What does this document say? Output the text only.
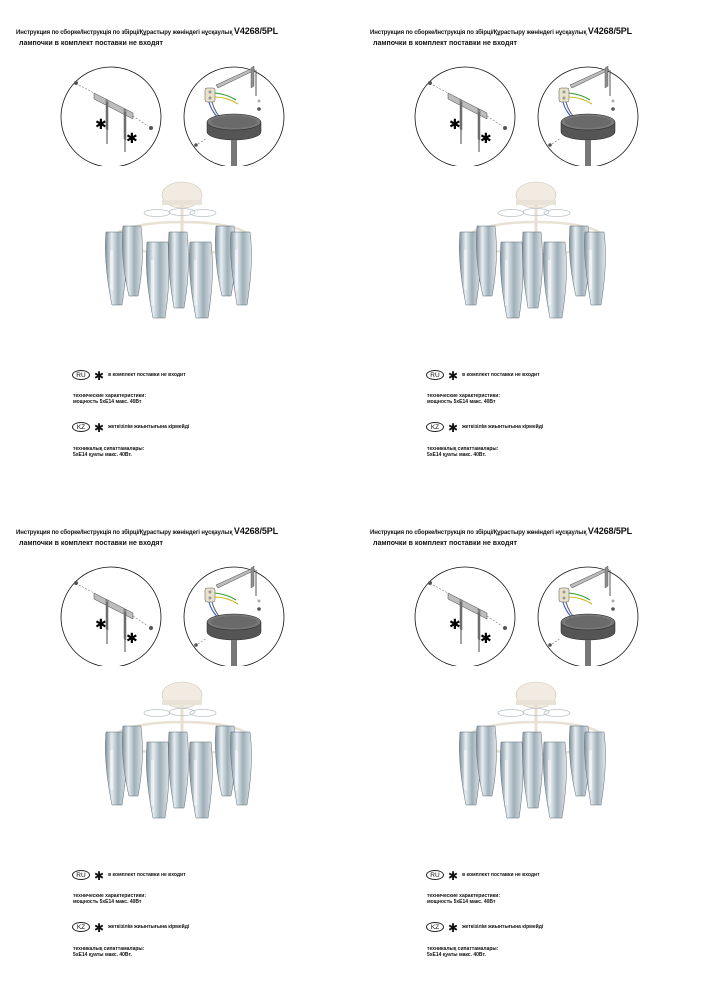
Инструкция по сборке/Інструкція по збірці/Құрастыру жөніндегі нұсқаулық V4268/5PL
лампочки в комплект поставки не входят
✱
✱
RU ✱ в комплект поставки не входит
технические характеристики:
мощность 5хЕ14 макс. 40Вт
KZ ✱ жеткізілім жиынтығына кірмейді
техникалық сипаттамалары:
5хЕ14 қуаты макс. 40Вт.
Инструкция по сборке/Інструкція по збірці/Құрастыру жөніндегі нұсқаулық V4268/5PL
лампочки в комплект поставки не входят
✱
✱
RU ✱ в комплект поставки не входит
технические характеристики:
мощность 5хЕ14 макс. 40Вт
KZ ✱ жеткізілім жиынтығына кірмейді
техникалық сипаттамалары:
5хЕ14 қуаты макс. 40Вт.
Инструкция по сборке/Інструкція по збірці/Құрастыру жөніндегі нұсқаулық V4268/5PL
лампочки в комплект поставки не входят
✱
✱
RU ✱ в комплект поставки не входит
технические характеристики:
мощность 5хЕ14 макс. 40Вт
KZ ✱ жеткізілім жиынтығына кірмейді
техникалық сипаттамалары:
5хЕ14 қуаты макс. 40Вт.
Инструкция по сборке/Інструкція по збірці/Құрастыру жөніндегі нұсқаулық V4268/5PL
лампочки в комплект поставки не входят
✱
✱
RU ✱ в комплект поставки не входит
технические характеристики:
мощность 5хЕ14 макс. 40Вт
KZ ✱ жеткізілім жиынтығына кірмейді
техникалық сипаттамалары:
5хЕ14 қуаты макс. 40Вт.
